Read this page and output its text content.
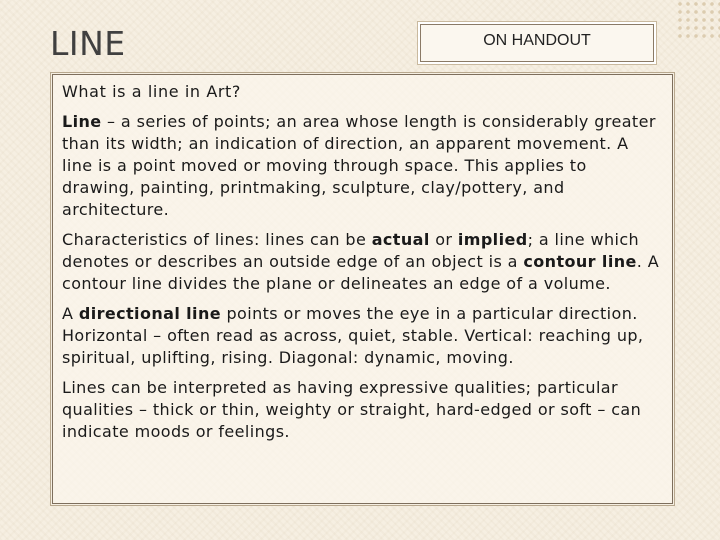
LINE	ON HANDOUT

What is a line in Art?

Line – a series of points; an area whose length is considerably greater than its width; an indication of direction, an apparent movement. A line is a point moved or moving through space. This applies to drawing, painting, printmaking, sculpture, clay/pottery, and architecture.

Characteristics of lines: lines can be actual or implied; a line which denotes or describes an outside edge of an object is a contour line. A contour line divides the plane or delineates an edge of a volume.

A directional line points or moves the eye in a particular direction. Horizontal – often read as across, quiet, stable. Vertical: reaching up, spiritual, uplifting, rising. Diagonal: dynamic, moving.

Lines can be interpreted as having expressive qualities; particular qualities – thick or thin, weighty or straight, hard-edged or soft – can indicate moods or feelings.
